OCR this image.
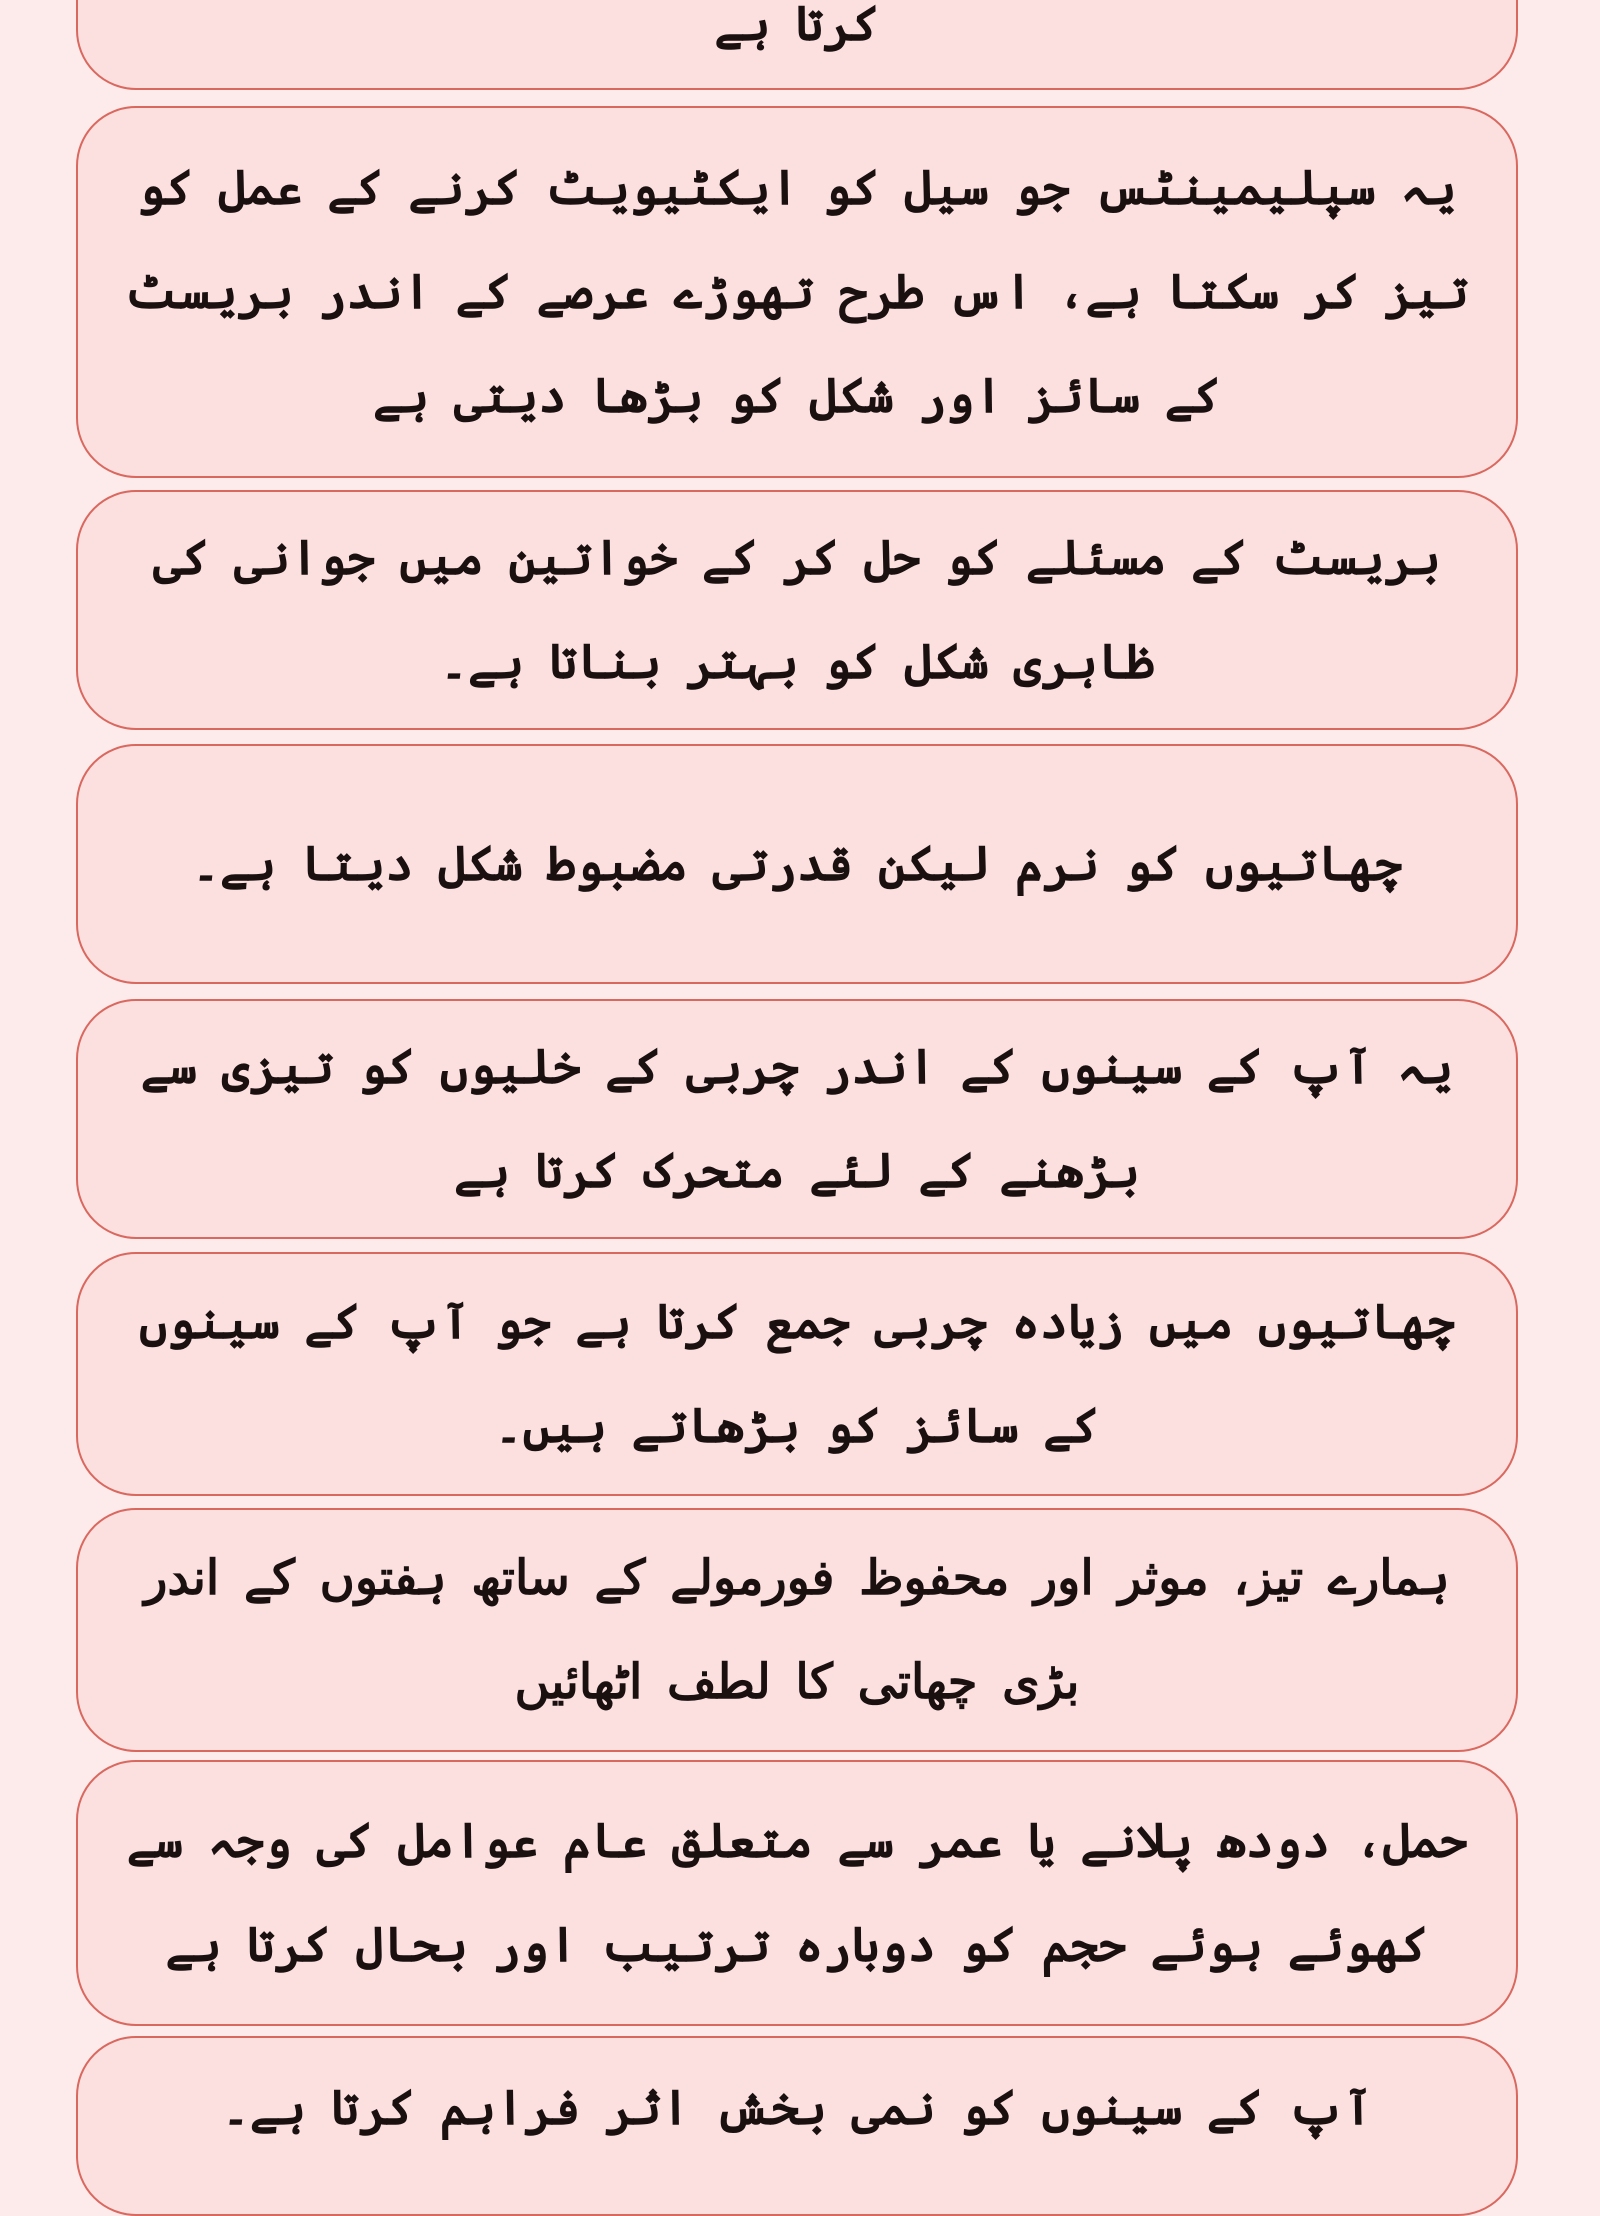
کرتا ہے
یہ سپلیمینٹس جو سیل کو ایکٹیویٹ کرنے کے عمل کو تیز کر سکتا ہے، اس طرح تھوڑے عرصے کے اندر بریسٹ کے سائز اور شکل کو بڑھا دیتی ہے
بریسٹ کے مسئلے کو حل کر کے خواتین میں جوانی کی ظاہری شکل کو بہتر بناتا ہے۔
چھاتیوں کو نرم لیکن قدرتی مضبوط شکل دیتا ہے۔
یہ آپ کے سینوں کے اندر چربی کے خلیوں کو تیزی سے بڑھنے کے لئے متحرک کرتا ہے
چھاتیوں میں زیادہ چربی جمع کرتا ہے جو آپ کے سینوں کے سائز کو بڑھاتے ہیں۔
ہمارے تیز، موثر اور محفوظ فورمولے کے ساتھ ہفتوں کے اندر بڑی چھاتی کا لطف اٹھائیں
حمل، دودھ پلانے یا عمر سے متعلق عام عوامل کی وجہ سے کھوئے ہوئے حجم کو دوبارہ ترتیب اور بحال کرتا ہے
آپ کے سینوں کو نمی بخش اثر فراہم کرتا ہے۔
